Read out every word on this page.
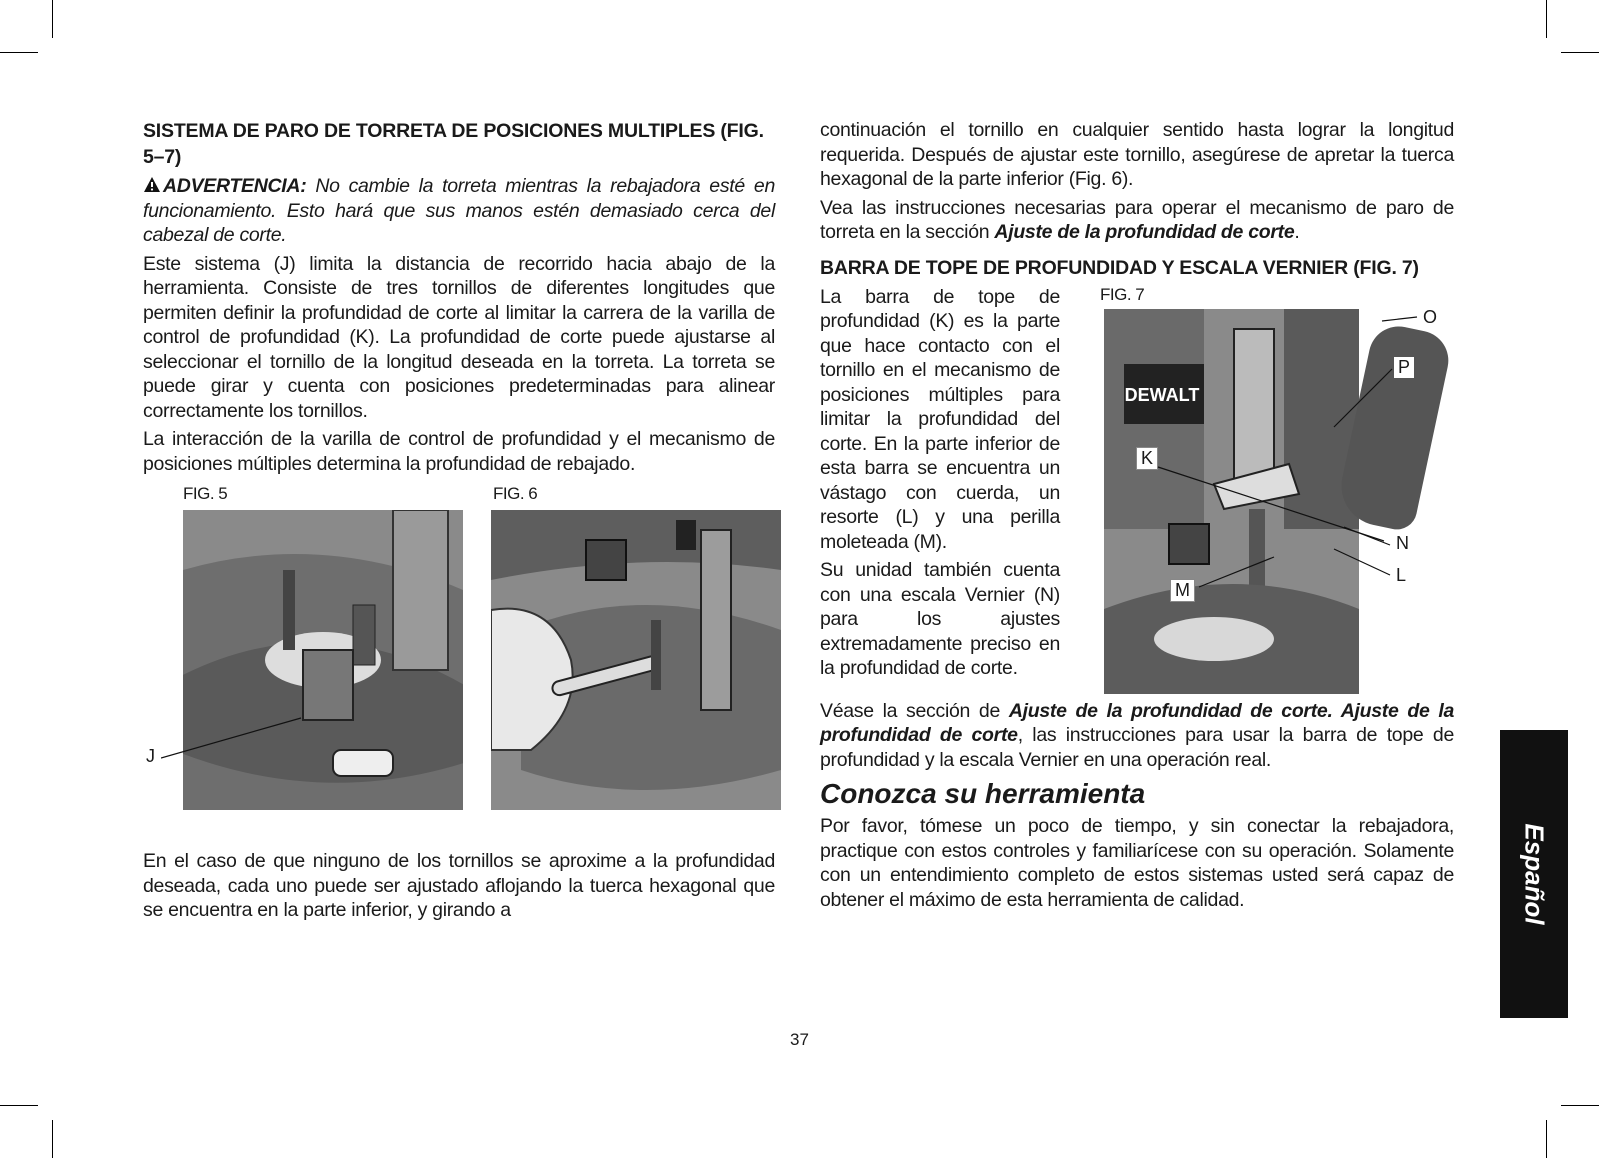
SISTEMA DE PARO DE TORRETA DE POSICIONES MULTIPLES (FIG. 5–7)

ADVERTENCIA: No cambie la torreta mientras la rebajadora esté en funcionamiento. Esto hará que sus manos estén demasiado cerca del cabezal de corte.

Este sistema (J) limita la distancia de recorrido hacia abajo de la herramienta. Consiste de tres tornillos de diferentes longitudes que permiten definir la profundidad de corte al limitar la carrera de la varilla de control de profundidad (K). La profundidad de corte puede ajustarse al seleccionar el tornillo de la longitud deseada en la torreta. La torreta se puede girar y cuenta con posiciones predeterminadas para alinear correctamente los tornillos.

La interacción de la varilla de control de profundidad y el mecanismo de posiciones múltiples determina la profundidad de rebajado.

FIG. 5	FIG. 6
J

En el caso de que ninguno de los tornillos se aproxime a la profundidad deseada, cada uno puede ser ajustado aflojando la tuerca hexagonal que se encuentra en la parte inferior, y girando a

continuación el tornillo en cualquier sentido hasta lograr la longitud requerida. Después de ajustar este tornillo, asegúrese de apretar la tuerca hexagonal de la parte inferior (Fig. 6).

Vea las instrucciones necesarias para operar el mecanismo de paro de torreta en la sección Ajuste de la profundidad de corte.

BARRA DE TOPE DE PROFUNDIDAD Y ESCALA VERNIER (FIG. 7)
FIG. 7
DEWALT
O
P
K
N
L
M

La barra de tope de profundidad (K) es la parte que hace contacto con el tornillo en el mecanismo de posiciones múltiples para limitar la profundidad del corte. En la parte inferior de esta barra se encuentra un vástago con cuerda, un resorte (L) y una perilla moleteada (M).

Su unidad también cuenta con una escala Vernier (N) para los ajustes extremadamente preciso en la profundidad de corte.

Véase la sección de Ajuste de la profundidad de corte. Ajuste de la profundidad de corte, las instrucciones para usar la barra de tope de profundidad y la escala Vernier en una operación real.

Conozca su herramienta

Por favor, tómese un poco de tiempo, y sin conectar la rebajadora, practique con estos controles y familiarícese con su operación. Solamente con un entendimiento completo de estos sistemas usted será capaz de obtener el máximo de esta herramienta de calidad.

37
Español
